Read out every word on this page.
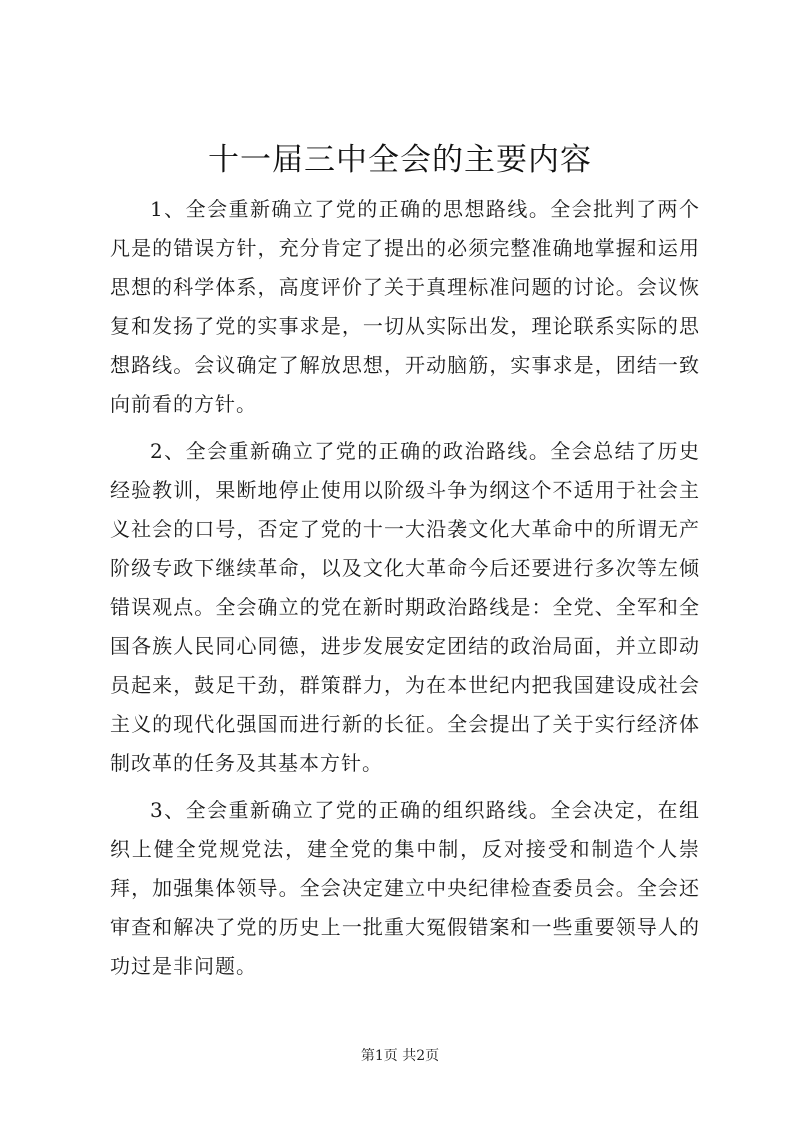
十一届三中全会的主要内容

1、全会重新确立了党的正确的思想路线。全会批判了两个凡是的错误方针，充分肯定了提出的必须完整准确地掌握和运用思想的科学体系，高度评价了关于真理标准问题的讨论。会议恢复和发扬了党的实事求是，一切从实际出发，理论联系实际的思想路线。会议确定了解放思想，开动脑筋，实事求是，团结一致向前看的方针。

2、全会重新确立了党的正确的政治路线。全会总结了历史经验教训，果断地停止使用以阶级斗争为纲这个不适用于社会主义社会的口号，否定了党的十一大沿袭文化大革命中的所谓无产阶级专政下继续革命，以及文化大革命今后还要进行多次等左倾错误观点。全会确立的党在新时期政治路线是：全党、全军和全国各族人民同心同德，进步发展安定团结的政治局面，并立即动员起来，鼓足干劲，群策群力，为在本世纪内把我国建设成社会主义的现代化强国而进行新的长征。全会提出了关于实行经济体制改革的任务及其基本方针。

3、全会重新确立了党的正确的组织路线。全会决定，在组织上健全党规党法，建全党的集中制，反对接受和制造个人崇拜，加强集体领导。全会决定建立中央纪律检查委员会。全会还审查和解决了党的历史上一批重大冤假错案和一些重要领导人的功过是非问题。

第1页 共2页
